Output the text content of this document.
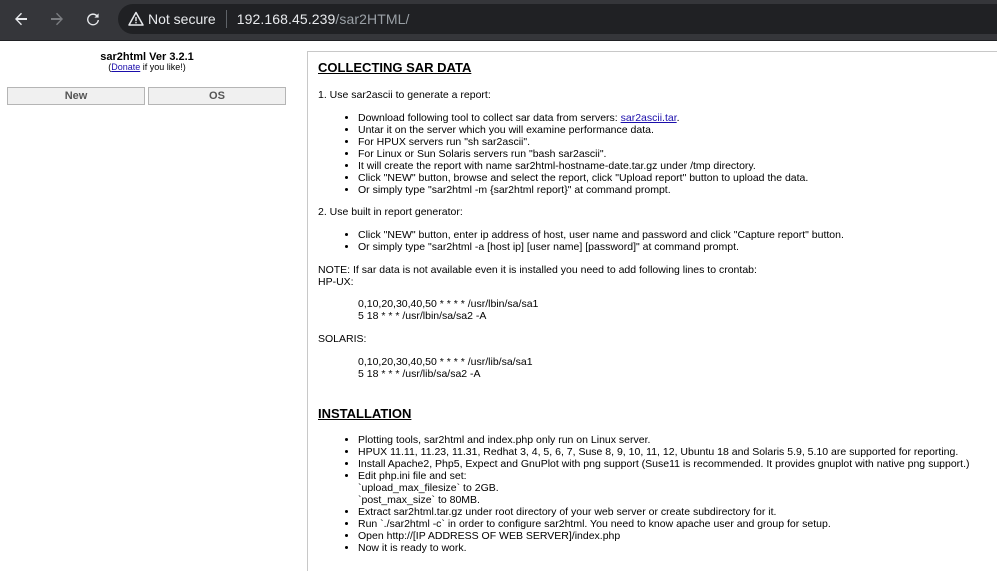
Not secure 192.168.45.239/sar2HTML/
sar2html Ver 3.2.1
(Donate if you like!)
New	OS
COLLECTING SAR DATA
1. Use sar2ascii to generate a report:
• Download following tool to collect sar data from servers: sar2ascii.tar.
• Untar it on the server which you will examine performance data.
• For HPUX servers run "sh sar2ascii".
• For Linux or Sun Solaris servers run "bash sar2ascii".
• It will create the report with name sar2html-hostname-date.tar.gz under /tmp directory.
• Click "NEW" button, browse and select the report, click "Upload report" button to upload the data.
• Or simply type "sar2html -m {sar2html report}" at command prompt.
2. Use built in report generator:
• Click "NEW" button, enter ip address of host, user name and password and click "Capture report" button.
• Or simply type "sar2html -a [host ip] [user name] [password]" at command prompt.
NOTE: If sar data is not available even it is installed you need to add following lines to crontab:
HP-UX:
0,10,20,30,40,50 * * * * /usr/lbin/sa/sa1
5 18 * * * /usr/lbin/sa/sa2 -A
SOLARIS:
0,10,20,30,40,50 * * * * /usr/lib/sa/sa1
5 18 * * * /usr/lib/sa/sa2 -A
INSTALLATION
• Plotting tools, sar2html and index.php only run on Linux server.
• HPUX 11.11, 11.23, 11.31, Redhat 3, 4, 5, 6, 7, Suse 8, 9, 10, 11, 12, Ubuntu 18 and Solaris 5.9, 5.10 are supported for reporting.
• Install Apache2, Php5, Expect and GnuPlot with png support (Suse11 is recommended. It provides gnuplot with native png support.)
• Edit php.ini file and set:
`upload_max_filesize` to 2GB.
`post_max_size` to 80MB.
• Extract sar2html.tar.gz under root directory of your web server or create subdirectory for it.
• Run `./sar2html -c` in order to configure sar2html. You need to know apache user and group for setup.
• Open http://[IP ADDRESS OF WEB SERVER]/index.php
• Now it is ready to work.
